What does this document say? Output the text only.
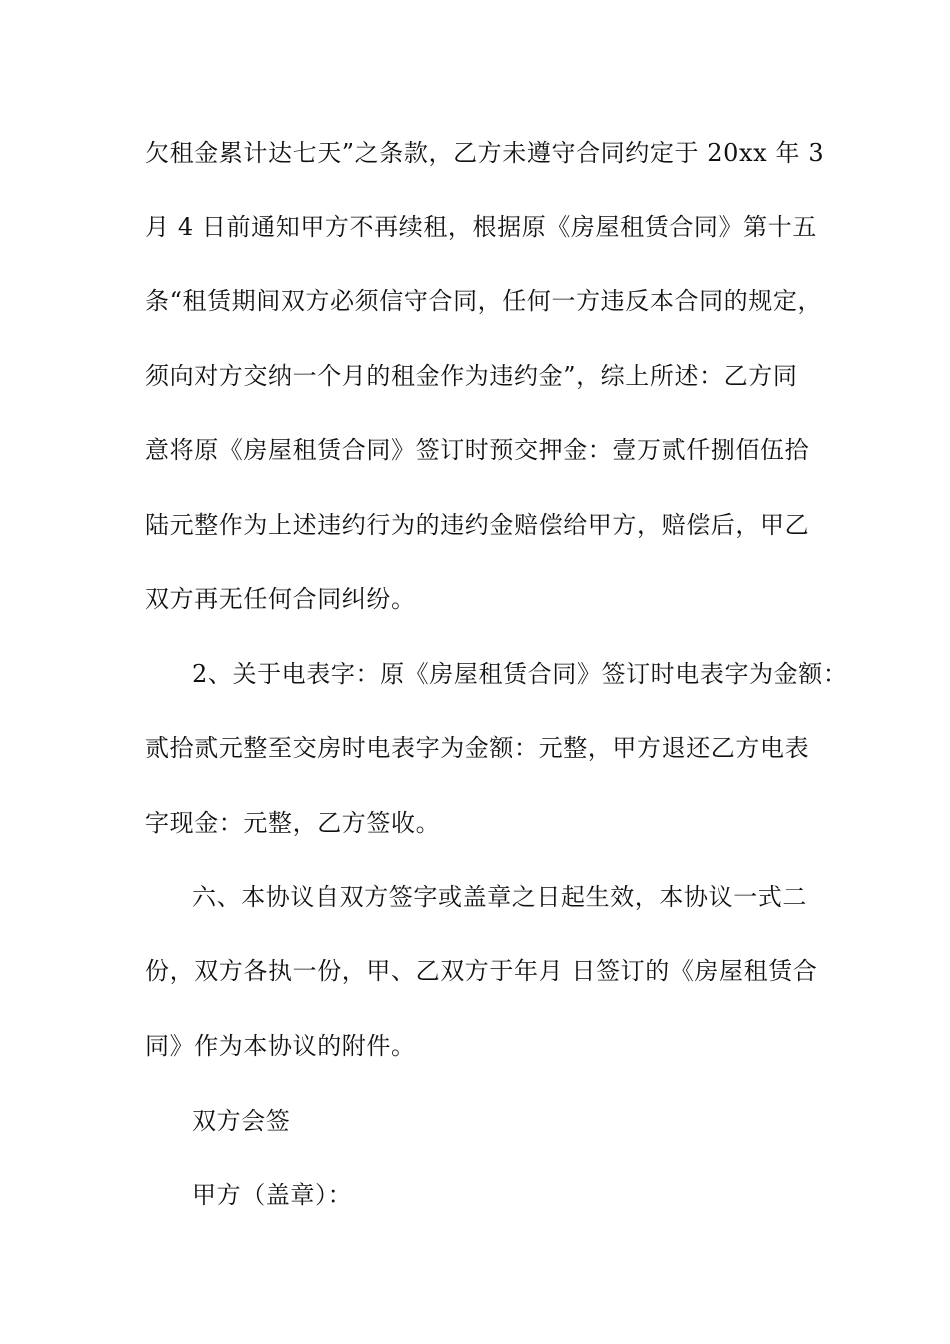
欠租金累计达七天”之条款，乙方未遵守合同约定于 20xx 年 3
月 4 日前通知甲方不再续租，根据原《房屋租赁合同》第十五
条“租赁期间双方必须信守合同，任何一方违反本合同的规定，
须向对方交纳一个月的租金作为违约金”，综上所述：乙方同
意将原《房屋租赁合同》签订时预交押金：壹万贰仟捌佰伍拾
陆元整作为上述违约行为的违约金赔偿给甲方，赔偿后，甲乙
双方再无任何合同纠纷。
2、关于电表字：原《房屋租赁合同》签订时电表字为金额：
贰拾贰元整至交房时电表字为金额：元整，甲方退还乙方电表
字现金：元整，乙方签收。
六、本协议自双方签字或盖章之日起生效，本协议一式二
份，双方各执一份，甲、乙双方于年月 日签订的《房屋租赁合
同》作为本协议的附件。
双方会签
甲方（盖章）：
